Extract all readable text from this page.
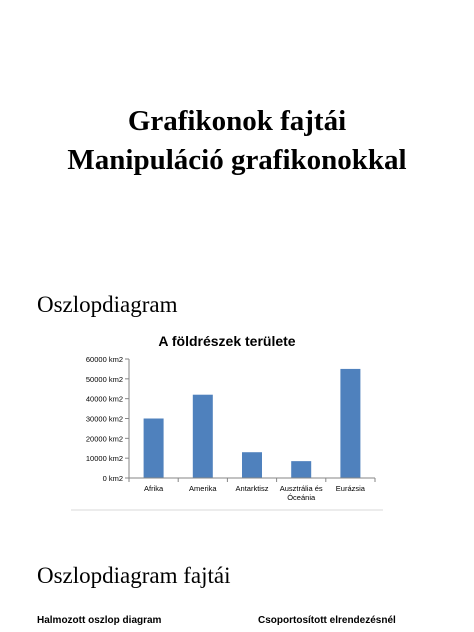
Grafikonok fajtái
Manipuláció grafikonokkal
Oszlopdiagram
A földrészek területe
0 km2
10000 km2
20000 km2
30000 km2
40000 km2
50000 km2
60000 km2
Afrika	Amerika	Antarktisz Ausztrália és Óceánia
Eurázsia
Oszlopdiagram fajtái

Halmozott oszlop diagram	Csoportosított elrendezésnél
